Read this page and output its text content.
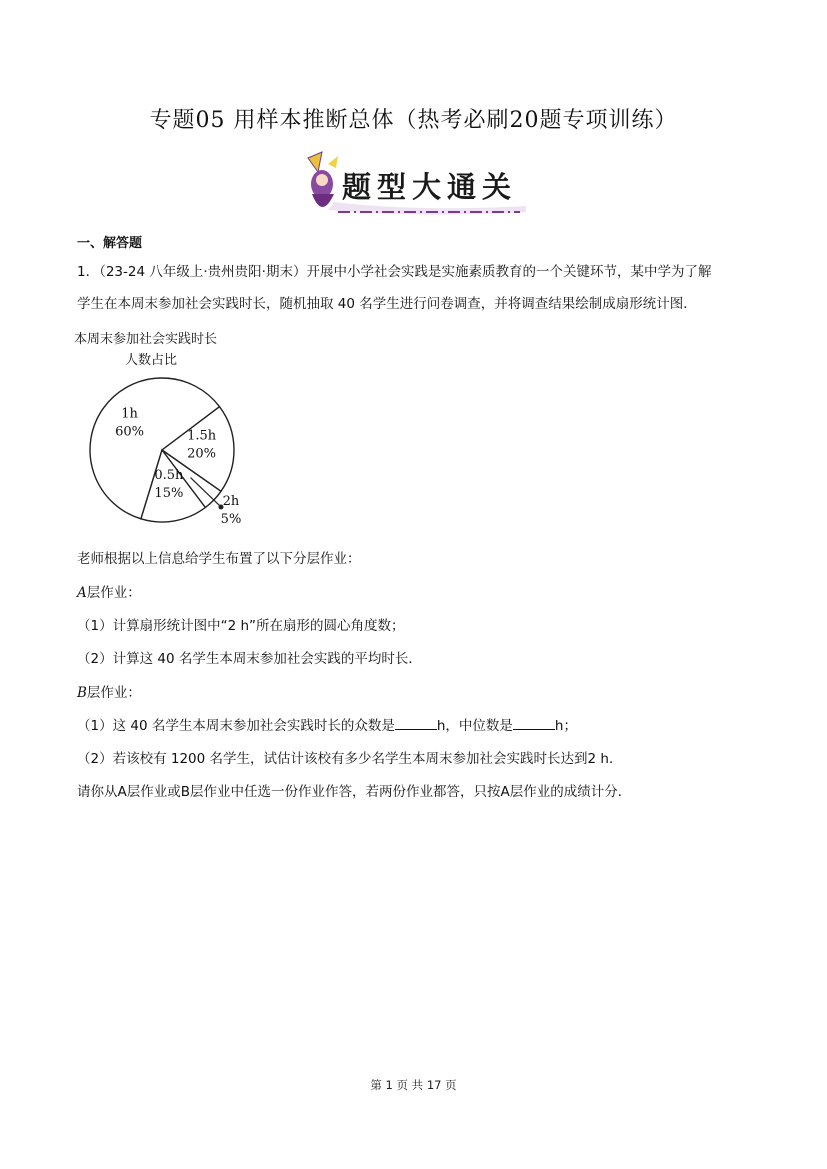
专题05 用样本推断总体（热考必刷20题专项训练）
题型大通关
一、解答题
1．（23-24 八年级上·贵州贵阳·期末）开展中小学社会实践是实施素质教育的一个关键环节，某中学为了解
学生在本周末参加社会实践时长，随机抽取 40 名学生进行问卷调查，并将调查结果绘制成扇形统计图．
本周末参加社会实践时长
人数占比
1h
60%	1.5h
20%
2h
5%
0.5h
15%
老师根据以上信息给学生布置了以下分层作业：
A层作业：
（1）计算扇形统计图中“2 h”所在扇形的圆心角度数；
（2）计算这 40 名学生本周末参加社会实践的平均时长．
B层作业：
（1）这 40 名学生本周末参加社会实践时长的众数是	h，中位数是	h；
（2）若该校有 1200 名学生，试估计该校有多少名学生本周末参加社会实践时长达到2 h．
请你从A层作业或B层作业中任选一份作业作答，若两份作业都答，只按A层作业的成绩计分．
第 1 页 共 17 页
